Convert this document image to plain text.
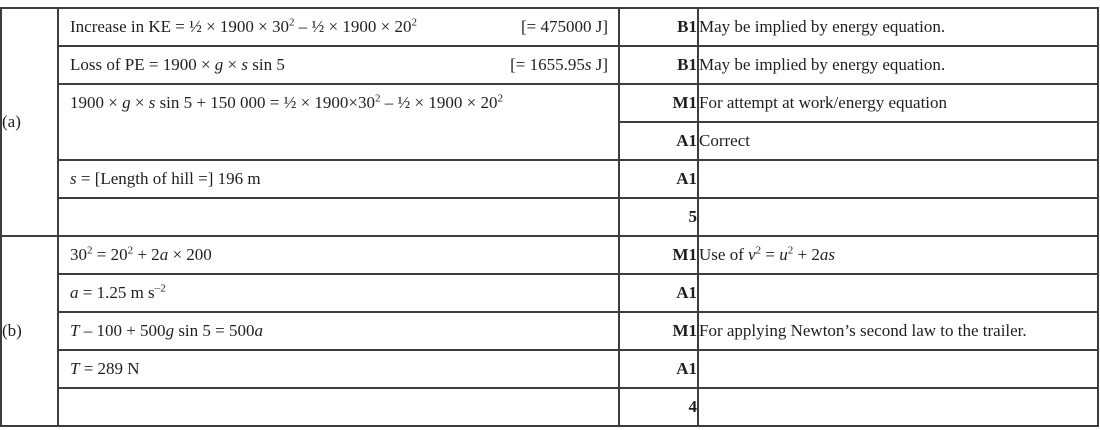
(a)	Increase in KE = ½ × $1900 \times 30^2$ – ½ × $1900 \times 20^2$ [= 475000 J]	B1	May be implied by energy equation.

	Loss of PE = 1900 × g × s sin 5 [= 1655.95s J]	B1	May be implied by energy equation.

	1900 × g × s sin 5 + 150 000 = ½ × $1900\times 30^2$ – ½ × $1900 \times 20^2$	M1	For attempt at work/energy equation
		A1	Correct

	s = [Length of hill =] 196 m	A1	

		5	
(b)	$30^2 = 20^2 + 2a \times 200$	M1	Use of $v^2 = u^2 + 2as$

	a = 1.25 m $s^{-2}$	A1	

	T – 100 + 500g sin 5 = 500a	M1	For applying Newton’s second law to the trailer.

	T = 289 N	A1	

		4	
